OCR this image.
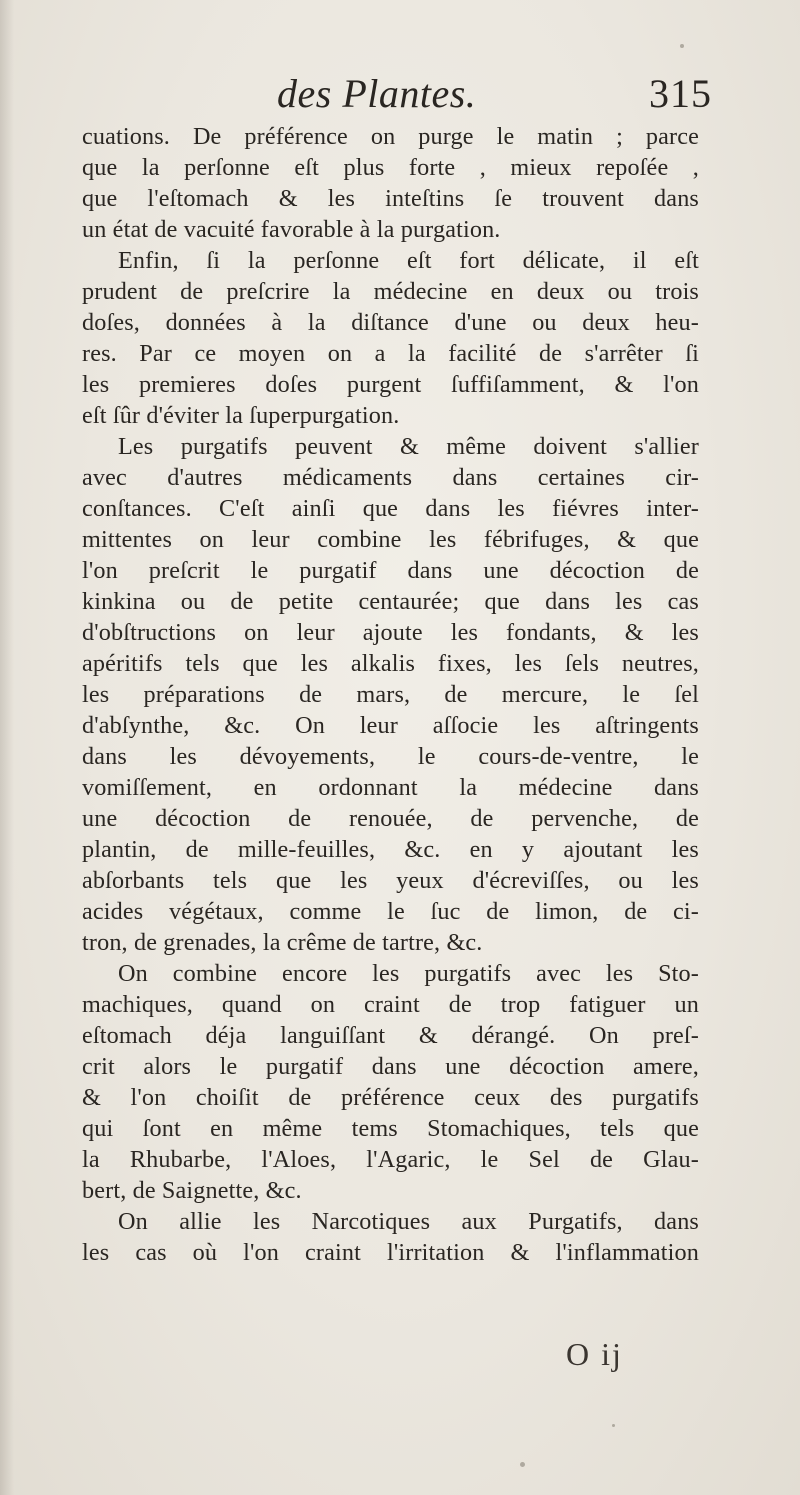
des Plantes.	315
cuations. De préférence on purge le matin ; parce
que la perſonne eſt plus forte , mieux repoſée ,
que l'eſtomach & les inteſtins ſe trouvent dans
un état de vacuité favorable à la purgation.
Enfin, ſi la perſonne eſt fort délicate, il eſt
prudent de preſcrire la médecine en deux ou trois
doſes, données à la diſtance d'une ou deux heu-
res. Par ce moyen on a la facilité de s'arrêter ſi
les premieres doſes purgent ſuffiſamment, & l'on
eſt ſûr d'éviter la ſuperpurgation.
Les purgatifs peuvent & même doivent s'allier
avec d'autres médicaments dans certaines cir-
conſtances. C'eſt ainſi que dans les fiévres inter-
mittentes on leur combine les fébrifuges, & que
l'on preſcrit le purgatif dans une décoction de
kinkina ou de petite centaurée; que dans les cas
d'obſtructions on leur ajoute les fondants, & les
apéritifs tels que les alkalis fixes, les ſels neutres,
les préparations de mars, de mercure, le ſel
d'abſynthe, &c. On leur aſſocie les aſtringents
dans les dévoyements, le cours-de-ventre, le
vomiſſement, en ordonnant la médecine dans
une décoction de renouée, de pervenche, de
plantin, de mille-feuilles, &c. en y ajoutant les
abſorbants tels que les yeux d'écreviſſes, ou les
acides végétaux, comme le ſuc de limon, de ci-
tron, de grenades, la crême de tartre, &c.
On combine encore les purgatifs avec les Sto-
machiques, quand on craint de trop fatiguer un
eſtomach déja languiſſant & dérangé. On preſ-
crit alors le purgatif dans une décoction amere,
& l'on choiſit de préférence ceux des purgatifs
qui ſont en même tems Stomachiques, tels que
la Rhubarbe, l'Aloes, l'Agaric, le Sel de Glau-
bert, de Saignette, &c.
On allie les Narcotiques aux Purgatifs, dans
les cas où l'on craint l'irritation & l'inflammation
O ij
